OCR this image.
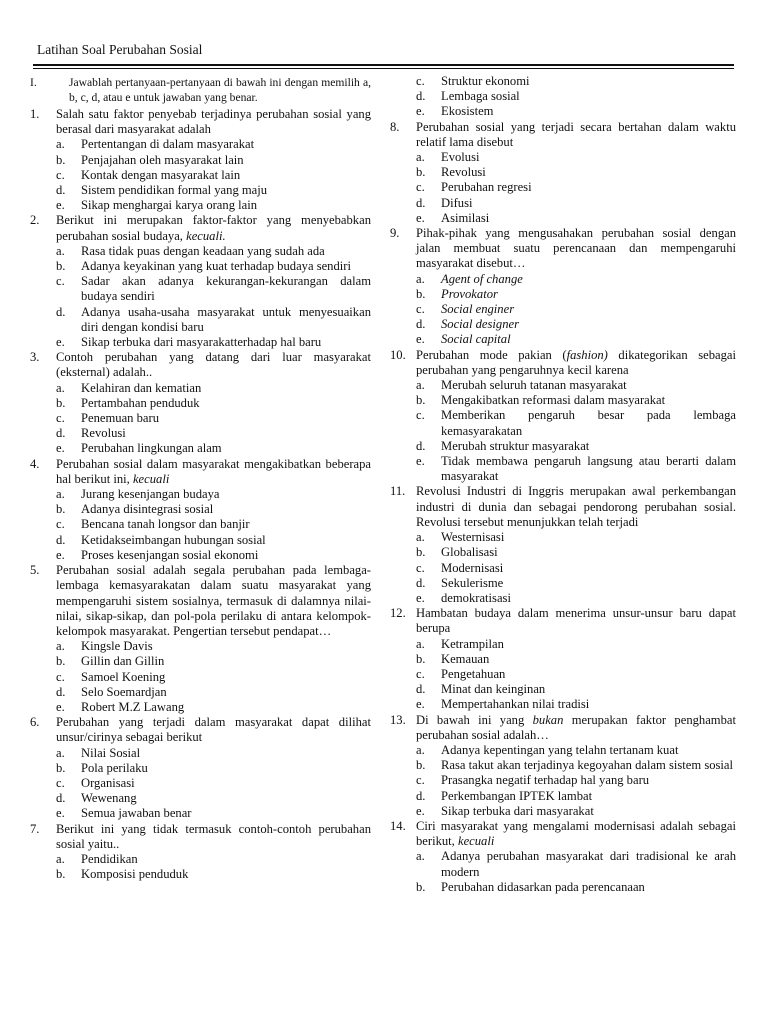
Latihan Soal Perubahan Sosial
I.	Jawablah pertanyaan-pertanyaan di bawah ini dengan memilih a, b, c, d, atau e untuk jawaban yang benar.
1.	Salah satu faktor penyebab terjadinya perubahan sosial yang berasal dari masyarakat adalah
a.	Pertentangan di dalam masyarakat
b.	Penjajahan oleh masyarakat lain
c.	Kontak dengan masyarakat lain
d.	Sistem pendidikan formal yang maju
e.	Sikap menghargai karya orang lain
2.	Berikut ini merupakan faktor-faktor yang menyebabkan perubahan sosial budaya, kecuali.
a.	Rasa tidak puas dengan keadaan yang sudah ada
b.	Adanya keyakinan yang kuat terhadap budaya sendiri
c.	Sadar akan adanya kekurangan-kekurangan dalam budaya sendiri
d.	Adanya usaha-usaha masyarakat untuk menyesuaikan diri dengan kondisi baru
e.	Sikap terbuka dari masyarakatterhadap hal baru
3.	Contoh perubahan yang datang dari luar masyarakat (eksternal) adalah..
a.	Kelahiran dan kematian
b.	Pertambahan penduduk
c.	Penemuan baru
d.	Revolusi
e.	Perubahan lingkungan alam
4.	Perubahan sosial dalam masyarakat mengakibatkan beberapa hal berikut ini, kecuali
a.	Jurang kesenjangan budaya
b.	Adanya disintegrasi sosial
c.	Bencana tanah longsor dan banjir
d.	Ketidakseimbangan hubungan sosial
e.	Proses kesenjangan sosial ekonomi
5.	Perubahan sosial adalah segala perubahan pada lembaga-lembaga kemasyarakatan dalam suatu masyarakat yang mempengaruhi sistem sosialnya, termasuk di dalamnya nilai-nilai, sikap-sikap, dan pol-pola perilaku di antara kelompok-kelompok masyarakat. Pengertian tersebut pendapat…
a.	Kingsle Davis
b.	Gillin dan Gillin
c.	Samoel Koening
d.	Selo Soemardjan
e.	Robert M.Z Lawang
6.	Perubahan yang terjadi dalam masyarakat dapat dilihat unsur/cirinya sebagai berikut
a.	Nilai Sosial
b.	Pola perilaku
c.	Organisasi
d.	Wewenang
e.	Semua jawaban benar
7.	Berikut ini yang tidak termasuk contoh-contoh perubahan sosial yaitu..
a.	Pendidikan
b.	Komposisi penduduk
c.	Struktur ekonomi
d.	Lembaga sosial
e.	Ekosistem
8.	Perubahan sosial yang terjadi secara bertahan dalam waktu relatif lama disebut
a.	Evolusi
b.	Revolusi
c.	Perubahan regresi
d.	Difusi
e.	Asimilasi
9.	Pihak-pihak yang mengusahakan perubahan sosial dengan jalan membuat suatu perencanaan dan mempengaruhi masyarakat disebut…
a.	Agent of change
b.	Provokator
c.	Social enginer
d.	Social designer
e.	Social capital
10. Perubahan mode pakian (fashion) dikategorikan sebagai perubahan yang pengaruhnya kecil karena
a.	Merubah seluruh tatanan masyarakat
b.	Mengakibatkan reformasi dalam masyarakat
c.	Memberikan pengaruh besar pada lembaga kemasyarakatan
d.	Merubah struktur masyarakat
e.	Tidak membawa pengaruh langsung atau berarti dalam masyarakat
11. Revolusi Industri di Inggris merupakan awal perkembangan industri di dunia dan sebagai pendorong perubahan sosial. Revolusi tersebut menunjukkan telah terjadi
a.	Westernisasi
b.	Globalisasi
c.	Modernisasi
d.	Sekulerisme
e.	demokratisasi
12. Hambatan budaya dalam menerima unsur-unsur baru dapat berupa
a.	Ketrampilan
b.	Kemauan
c.	Pengetahuan
d.	Minat dan keinginan
e.	Mempertahankan nilai tradisi
13. Di bawah ini yang bukan merupakan faktor penghambat perubahan sosial adalah…
a.	Adanya kepentingan yang telahn tertanam kuat
b.	Rasa takut akan terjadinya kegoyahan dalam sistem sosial
c.	Prasangka negatif terhadap hal yang baru
d.	Perkembangan IPTEK lambat
e.	Sikap terbuka dari masyarakat
14. Ciri masyarakat yang mengalami modernisasi adalah sebagai berikut, kecuali
a.	Adanya perubahan masyarakat dari tradisional ke arah modern
b.	Perubahan didasarkan pada perencanaan
